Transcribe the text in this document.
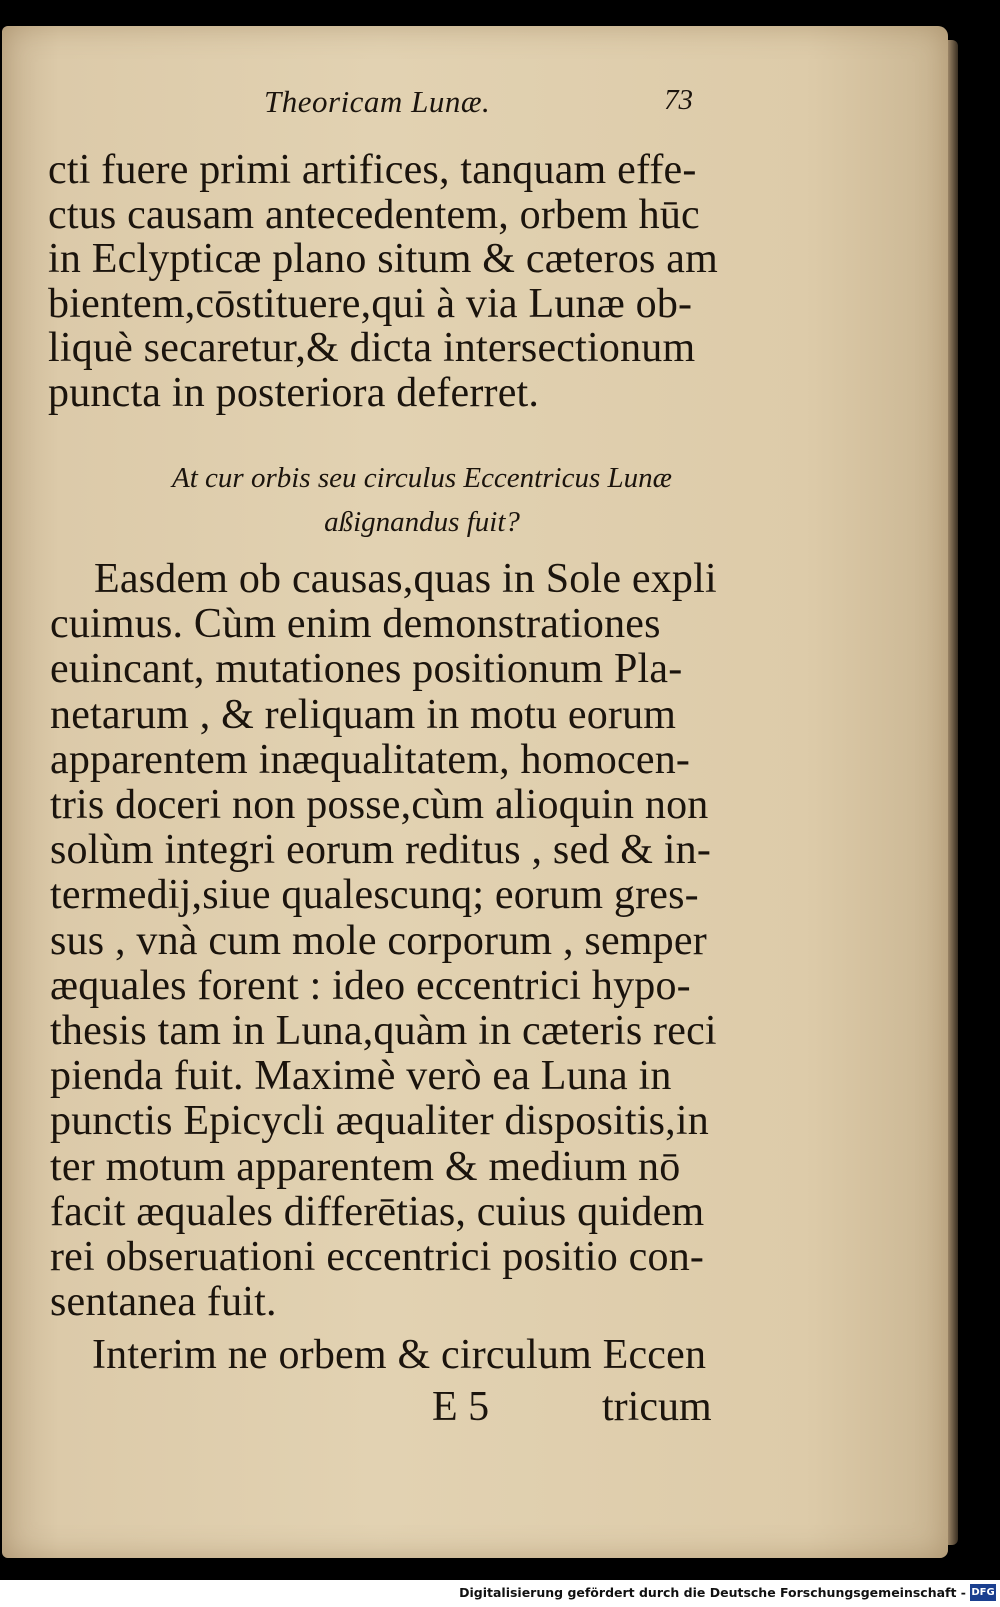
Theoricam Lunæ.	73
cti fuere primi artifices, tanquam effe-
ctus causam antecedentem, orbem hūc
in Eclypticæ plano situm & cæteros am
bientem,cōstituere,qui à via Lunæ ob-
liquè secaretur,& dicta intersectionum
puncta in posteriora deferret.
At cur orbis seu circulus Eccentricus Lunæ
aßignandus fuit?
Easdem ob causas,quas in Sole expli
cuimus. Cùm enim demonstrationes
euincant, mutationes positionum Pla-
netarum , & reliquam in motu eorum
apparentem inæqualitatem, homocen-
tris doceri non posse,cùm alioquin non
solùm integri eorum reditus , sed & in-
termedij,siue qualescunq; eorum gres-
sus , vnà cum mole corporum , semper
æquales forent : ideo eccentrici hypo-
thesis tam in Luna,quàm in cæteris reci
pienda fuit. Maximè verò ea Luna in
punctis Epicycli æqualiter dispositis,in
ter motum apparentem & medium nō
facit æquales differētias, cuius quidem
rei obseruationi eccentrici positio con-
sentanea fuit.
Interim ne orbem & circulum Eccen
E 5	tricum
Digitalisierung gefördert durch die Deutsche Forschungsgemeinschaft - DFG
